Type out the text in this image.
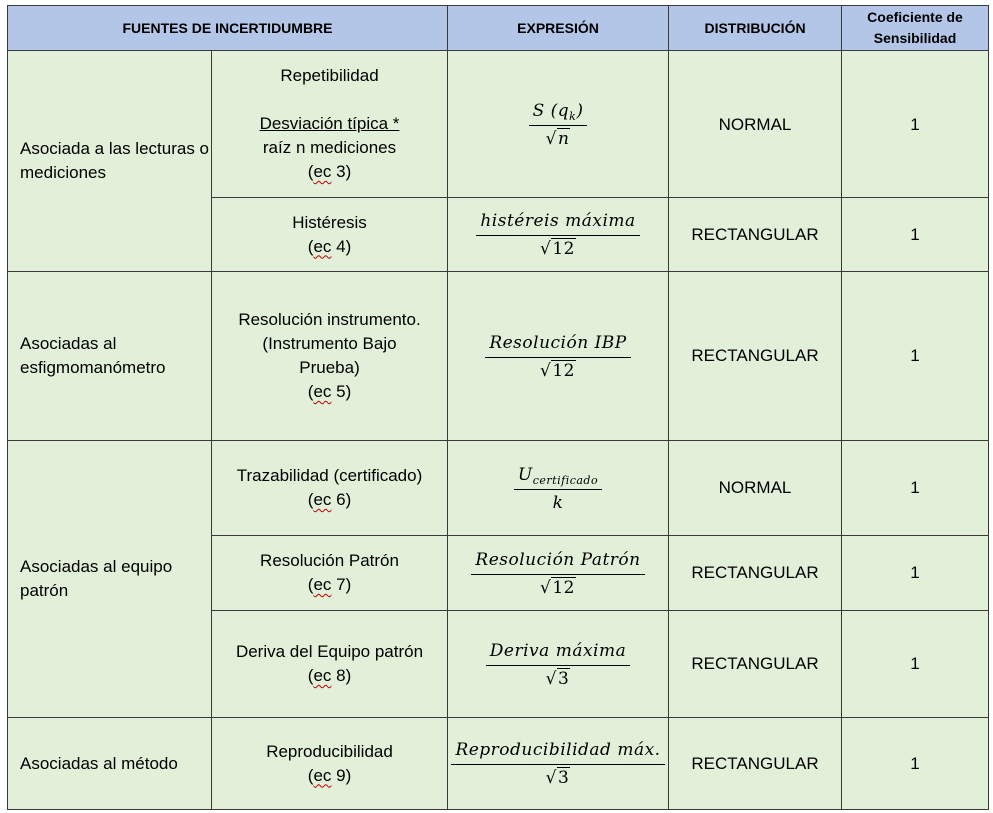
FUENTES DE INCERTIDUMBRE		EXPRESIÓN	DISTRIBUCIÓN	Coeficiente de
Sensibilidad

Asociada a las lecturas o mediciones	Repetibilidad
Desviación típica *
raíz n mediciones
(ec 3)	$\frac{S (q_k)}{√n}$	NORMAL	1

	Histéresis
(ec 4)	$\frac{\text{histéreis máxima}}{√12}$	RECTANGULAR	1
Asociadas al esfigmomanómetro	Resolución instrumento.
(Instrumento Bajo
Prueba)
(ec 5)	$\frac{\text{Resolución IBP}}{√12}$	RECTANGULAR	1
Asociadas al equipo patrón	Trazabilidad (certificado)
(ec 6)	$\frac{U_{certificado}}{k}$	NORMAL	1

	Resolución Patrón
(ec 7)	$\frac{\text{Resolución Patrón}}{√12}$	RECTANGULAR	1

	Deriva del Equipo patrón
(ec 8)	$\frac{\text{Deriva máxima}}{√3}$	RECTANGULAR	1
Asociadas al método	Reproducibilidad
(ec 9)	$\frac{\text{Reproducibilidad máx.}}{√3}$	RECTANGULAR	1
